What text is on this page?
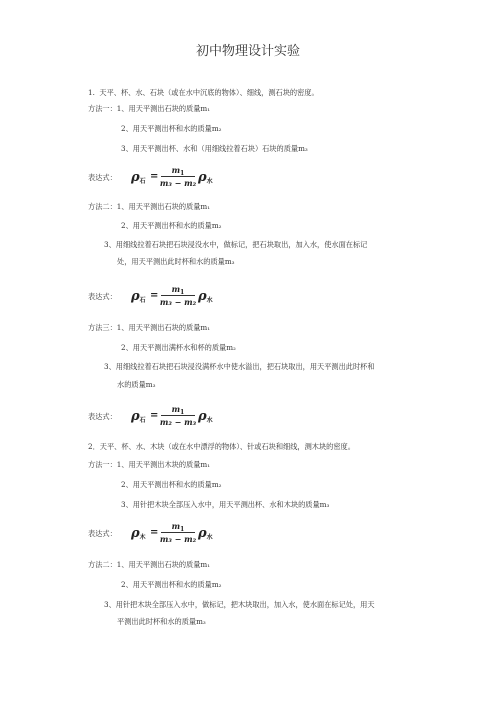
初中物理设计实验
1.  天平、杯、水、石块（或在水中沉底的物体）、细线，测石块的密度。
方法一：1、用天平测出石块的质量m₁
2、用天平测出杯和水的质量m₂
3、用天平测出杯、水和（用细线拉着石块）石块的质量m₃
表达式： $\rho_石$ =
$m_1$
m₃ − m₂ $\rho_水$
方法二：1、用天平测出石块的质量m₁
2、用天平测出杯和水的质量m₂
3、用细线拉着石块把石块浸没水中，做标记，把石块取出，加入水，使水面在标记
处，用天平测出此时杯和水的质量m₃
表达式： $\rho_石$ =
$m_1$
m₃ − m₂ $\rho_水$
方法三：1、用天平测出石块的质量m₁
2、用天平测出满杯水和杯的质量m₂
3、用细线拉着石块把石块浸没满杯水中使水溢出，把石块取出，用天平测出此时杯和
水的质量m₃
表达式： $\rho_石$ =
$m_1$
m₂ − m₃ $\rho_水$
2．天平、杯、水、木块（或在水中漂浮的物体）、针或石块和细线，测木块的密度。
方法一：1、用天平测出木块的质量m₁
2、用天平测出杯和水的质量m₂
3、用针把木块全部压入水中，用天平测出杯、水和木块的质量m₃
表达式： $\rho_木$ =
$m_1$
m₃ − m₂ $\rho_水$
方法二：1、用天平测出石块的质量m₁
2、用天平测出杯和水的质量m₂
3、用针把木块全部压入水中，做标记，把木块取出，加入水，使水面在标记处，用天
平测出此时杯和水的质量m₃
